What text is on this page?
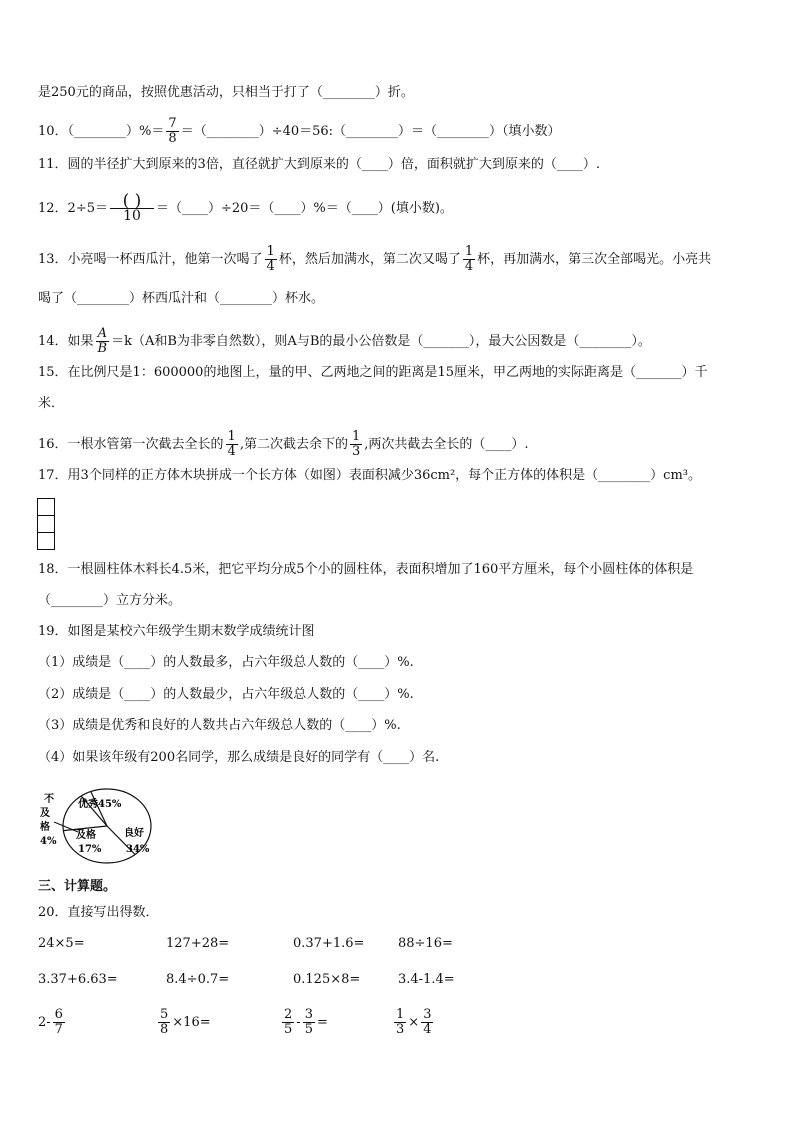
是250元的商品，按照优惠活动，只相当于打了（________）折。
10．（________）%＝ $\frac{7}{8}$ ＝（________）÷40＝56:（________）＝（________）（填小数）
11．圆的半径扩大到原来的3倍，直径就扩大到原来的（____）倍，面积就扩大到原来的（____）.
12．$2\div 5= \frac{( )}{10}$ ＝（____）÷20＝（____）%＝（____）(填小数)。
13．小亮喝一杯西瓜汁，他第一次喝了 $\frac{1}{4}$ 杯，然后加满水，第二次又喝了 $\frac{1}{4}$ 杯，再加满水，第三次全部喝光。小亮共
喝了（________）杯西瓜汁和（________）杯水。
14．如果 $\frac{A}{B} =k(A$和B为非零自然数），则A与B的最小公倍数是（_______），最大公因数是（________）。
15．在比例尺是1：600000的地图上，量的甲、乙两地之间的距离是15厘米，甲乙两地的实际距离是（_______）千
米．
16．一根水管第一次截去全长的 $\frac{1}{4}$ ,第二次截去余下的 $\frac{1}{3}$ ,两次共截去全长的（____）.
17．用3个同样的正方体木块拼成一个长方体（如图）表面积减少36cm²，每个正方体的体积是（________）cm³。
18．一根圆柱体木料长4.5米，把它平均分成5个小的圆柱体，表面积增加了160平方厘米，每个小圆柱体的体积是
（________）立方分米。
19．如图是某校六年级学生期末数学成绩统计图
（1）成绩是（____）的人数最多，占六年级总人数的（____）%.
（2）成绩是（____）的人数最少，占六年级总人数的（____）%.
（3）成绩是优秀和良好的人数共占六年级总人数的（____）%.
（4）如果该年级有200名同学，那么成绩是良好的同学有（____）名.
不
及
格
4%
优秀45%
良好
34%
及格
17%
三、计算题。
20．直接写出得数．
24×5=	127+28=	0.37+1.6=	88÷16=
3.37+6.63=	8.4÷0.7=	0.125×8=	3.4-1.4=
$2- \frac{6}{7}$	$\frac{5}{8} \times 16=$	$\frac{2}{5} - \frac{3}{5}$ =	$\frac{1}{3} \times \frac{3}{4}$
